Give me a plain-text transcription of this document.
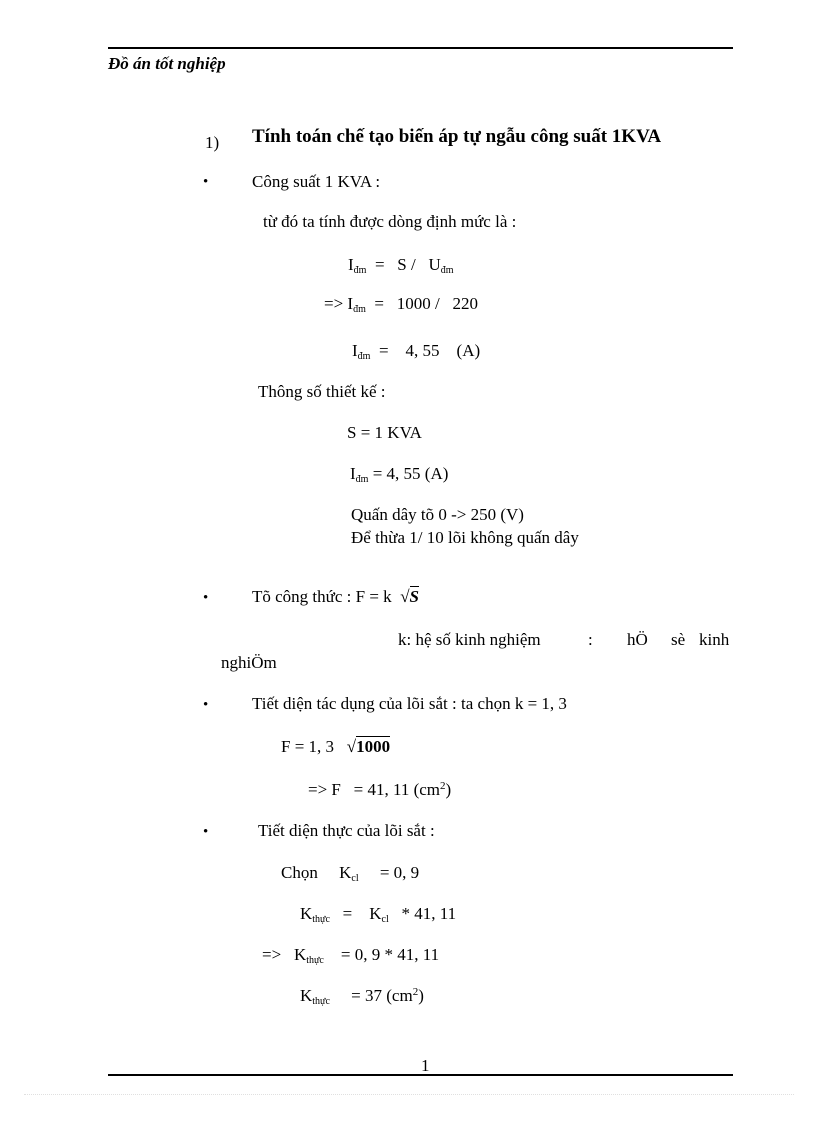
Đồ án tốt nghiệp
1) Tính toán chế tạo biến áp tự ngẫu công suất 1KVA
•	Công suất 1 KVA :
từ đó ta tính được dòng định mức là :
$I_{đm} = S / U_{đm}$
=> $I_{đm} = 1000 / 220$
$I_{đm} = 4$, 55 (A)
Thông số thiết kế :
S = 1 KVA
$I_{đm} = 4$, 55 (A)
Quấn dây tõ 0 -> 250 (V)
Để thừa 1/ 10 lõi không quấn dây
•	Tõ công thức : F = k  √S
k: hệ số kinh nghiệm	: hÖ sè kinh
nghiÖm
•	Tiết diện tác dụng của lõi sắt : ta chọn k = 1, 3
F = 1, 3   √1000
=> F = 41, 11 $(cm^2)$
•	Tiết diện thực của lõi sắt :
Chọn $K_{cl} = 0$, 9
$K_{thực} = K_{cl} * 41$, 11
=> $K_{thực} = 0$, 9 * 41, 11
$K_{thực} = 37$ $(cm^2)$
1
